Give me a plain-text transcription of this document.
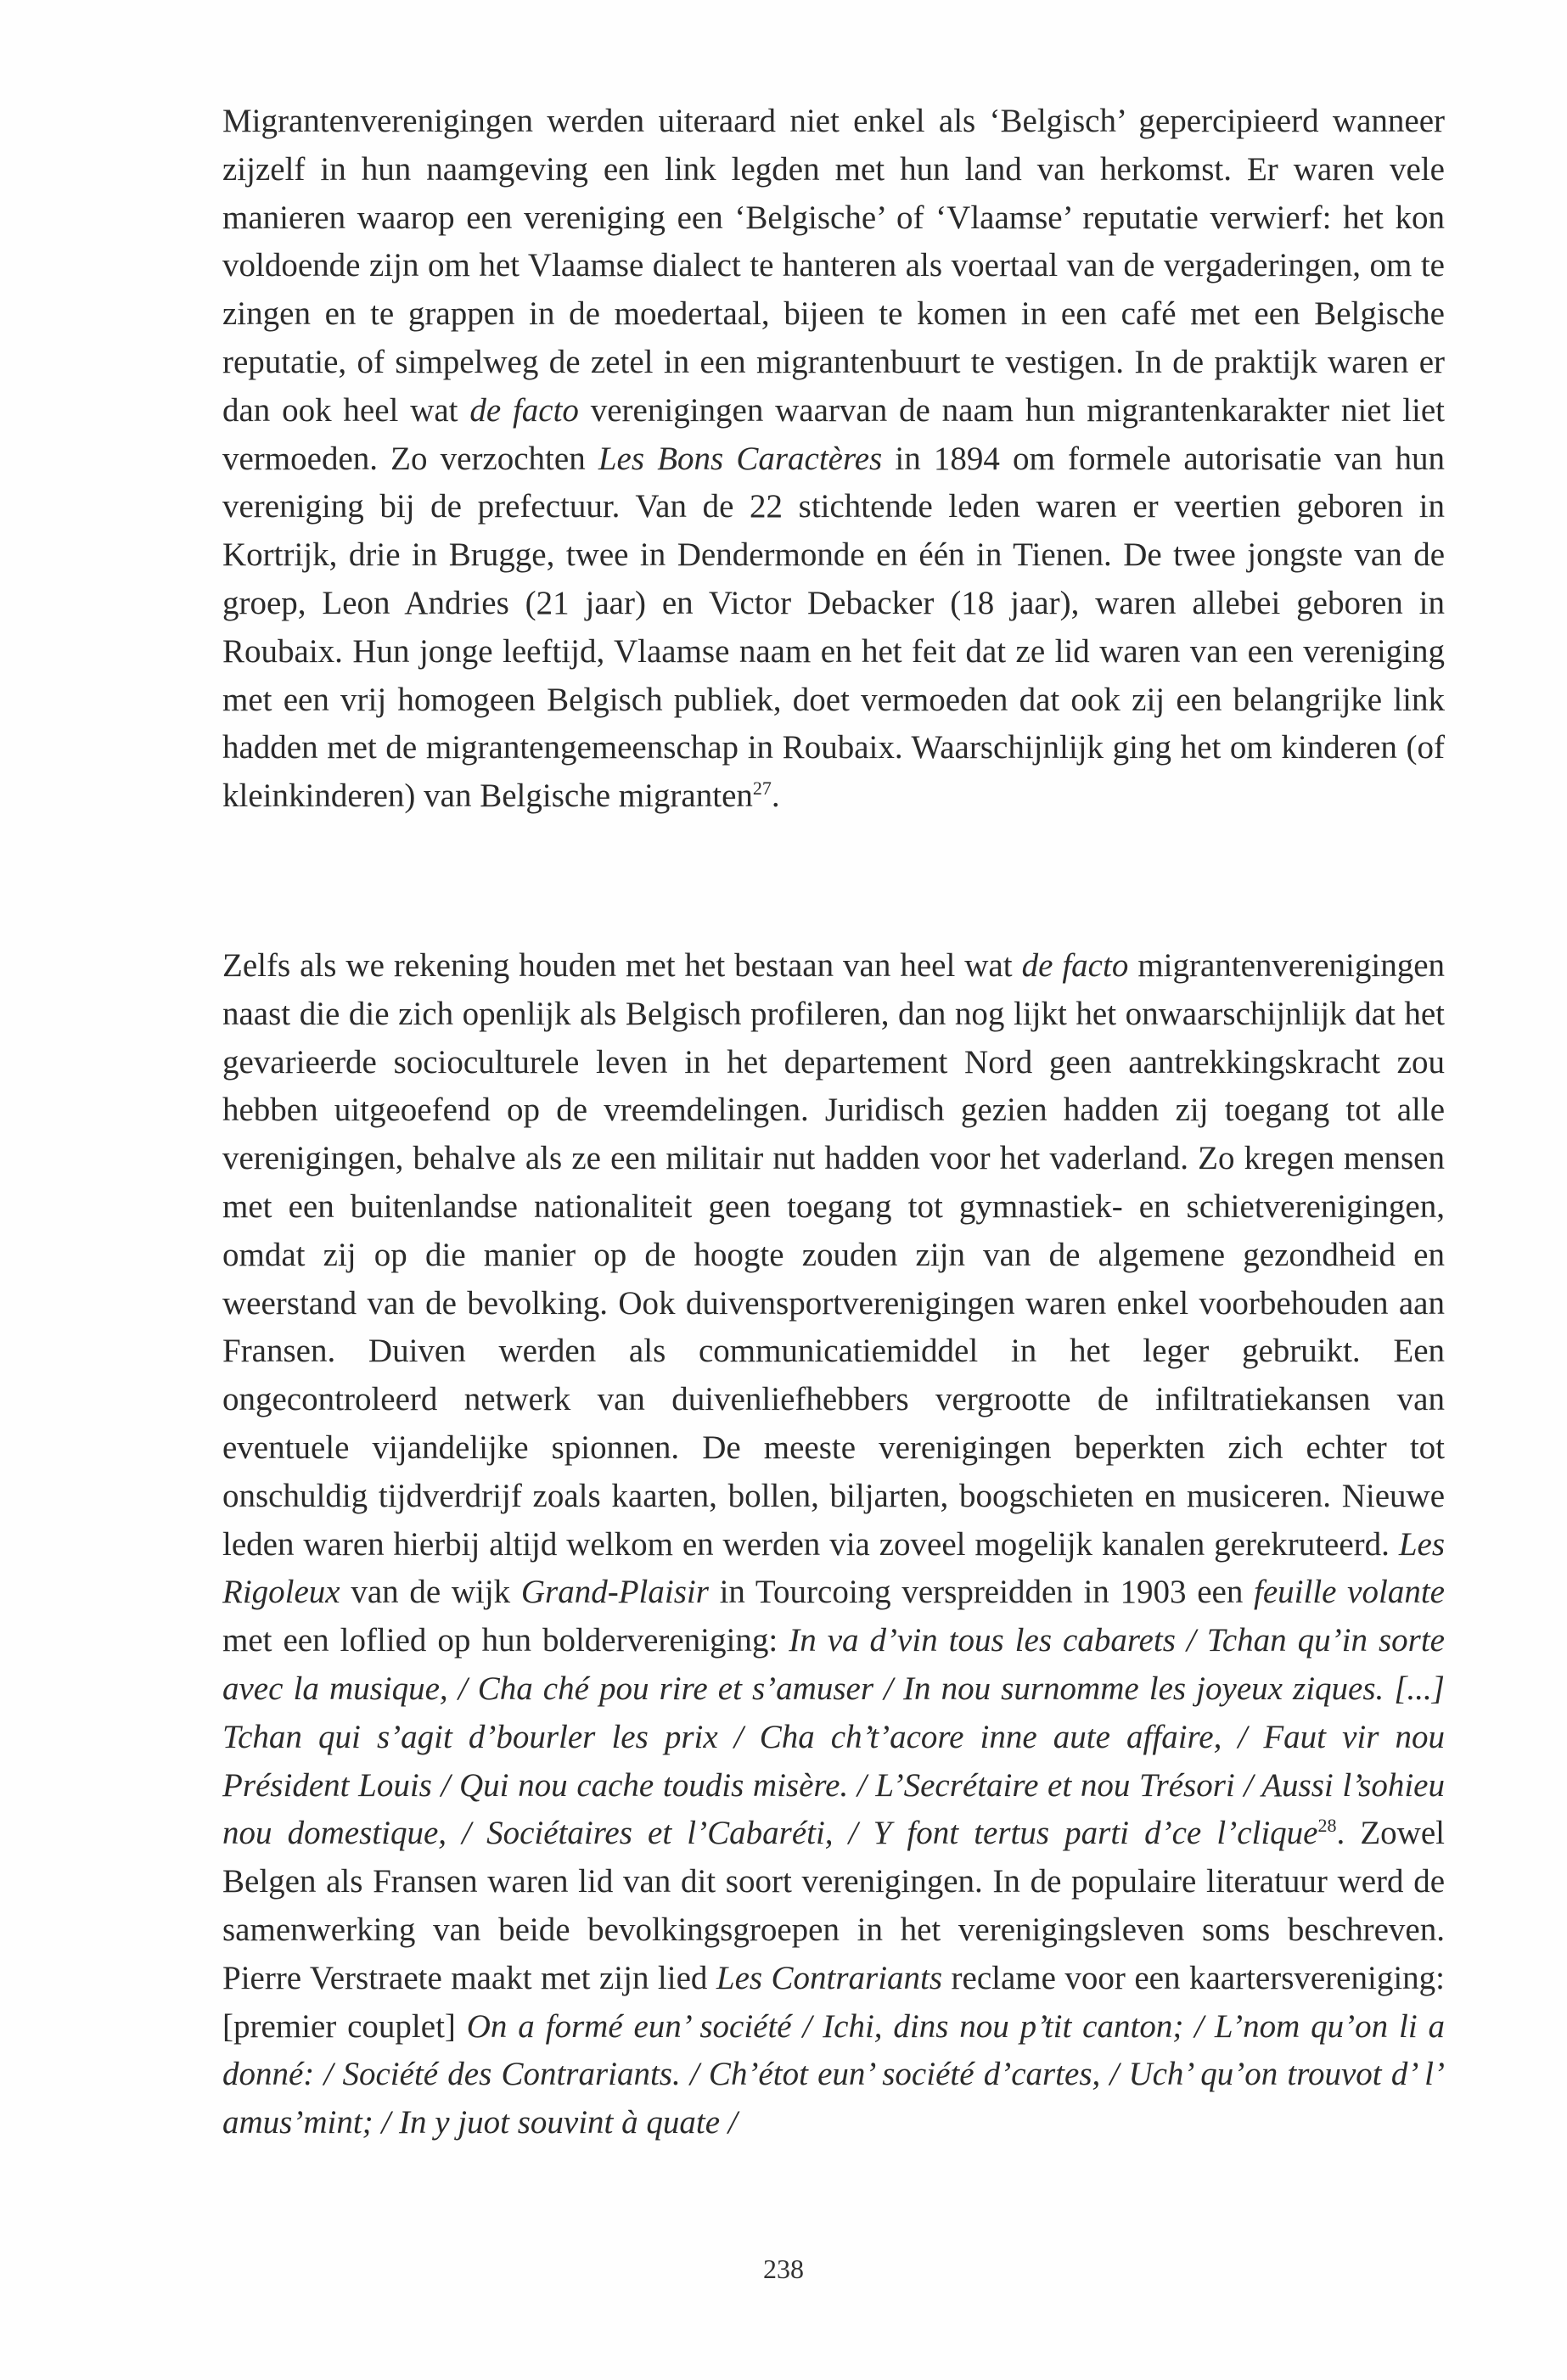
Migrantenverenigingen werden uiteraard niet enkel als ‘Belgisch’ gepercipieerd wanneer zijzelf in hun naamgeving een link legden met hun land van herkomst. Er waren vele manieren waarop een vereniging een ‘Belgische’ of ‘Vlaamse’ reputatie verwierf: het kon voldoende zijn om het Vlaamse dialect te hanteren als voertaal van de vergaderingen, om te zingen en te grappen in de moedertaal, bijeen te komen in een café met een Belgische reputatie, of simpelweg de zetel in een migrantenbuurt te vestigen. In de praktijk waren er dan ook heel wat de facto verenigingen waarvan de naam hun migrantenkarakter niet liet vermoeden. Zo verzochten Les Bons Caractères in 1894 om formele autorisatie van hun vereniging bij de prefectuur. Van de 22 stichtende leden waren er veertien geboren in Kortrijk, drie in Brugge, twee in Dendermonde en één in Tienen. De twee jongste van de groep, Leon Andries (21 jaar) en Victor Debacker (18 jaar), waren allebei geboren in Roubaix. Hun jonge leeftijd, Vlaamse naam en het feit dat ze lid waren van een vereniging met een vrij homogeen Belgisch publiek, doet vermoeden dat ook zij een belangrijke link hadden met de migrantengemeenschap in Roubaix. Waarschijnlijk ging het om kinderen (of kleinkinderen) van Belgische migranten$^{27}$.

Zelfs als we rekening houden met het bestaan van heel wat de facto migrantenverenigingen naast die die zich openlijk als Belgisch profileren, dan nog lijkt het onwaarschijnlijk dat het gevarieerde socioculturele leven in het departement Nord geen aantrekkingskracht zou hebben uitgeoefend op de vreemdelingen. Juridisch gezien hadden zij toegang tot alle verenigingen, behalve als ze een militair nut hadden voor het vaderland. Zo kregen mensen met een buitenlandse nationaliteit geen toegang tot gymnastiek- en schietverenigingen, omdat zij op die manier op de hoogte zouden zijn van de algemene gezondheid en weerstand van de bevolking. Ook duivensportverenigingen waren enkel voorbehouden aan Fransen. Duiven werden als communicatiemiddel in het leger gebruikt. Een ongecontroleerd netwerk van duivenliefhebbers vergrootte de infiltratiekansen van eventuele vijandelijke spionnen. De meeste verenigingen beperkten zich echter tot onschuldig tijdverdrijf zoals kaarten, bollen, biljarten, boogschieten en musiceren. Nieuwe leden waren hierbij altijd welkom en werden via zoveel mogelijk kanalen gerekruteerd. Les Rigoleux van de wijk Grand-Plaisir in Tourcoing verspreidden in 1903 een feuille volante met een loflied op hun boldervereniging: In va d’vin tous les cabarets / Tchan qu’in sorte avec la musique, / Cha ché pou rire et s’amuser / In nou surnomme les joyeux ziques. [...] Tchan qui s’agit d’bourler les prix / Cha ch’t’acore inne aute affaire, / Faut vir nou Président Louis / Qui nou cache toudis misère. / L’Secrétaire et nou Trésori / Aussi l’sohieu nou domestique, / Sociétaires et l’Cabaréti, / Y font tertus parti d’ce l’clique$^{28}$. Zowel Belgen als Fransen waren lid van dit soort verenigingen. In de populaire literatuur werd de samenwerking van beide bevolkingsgroepen in het verenigingsleven soms beschreven. Pierre Verstraete maakt met zijn lied Les Contrariants reclame voor een kaartersvereniging: [premier couplet] On a formé eun’ société / Ichi, dins nou p’tit canton; / L’nom qu’on li a donné: / Société des Contrariants. / Ch’étot eun’ société d’cartes, / Uch’ qu’on trouvot d’ l’ amus’mint; / In y juot souvint à quate /

238
